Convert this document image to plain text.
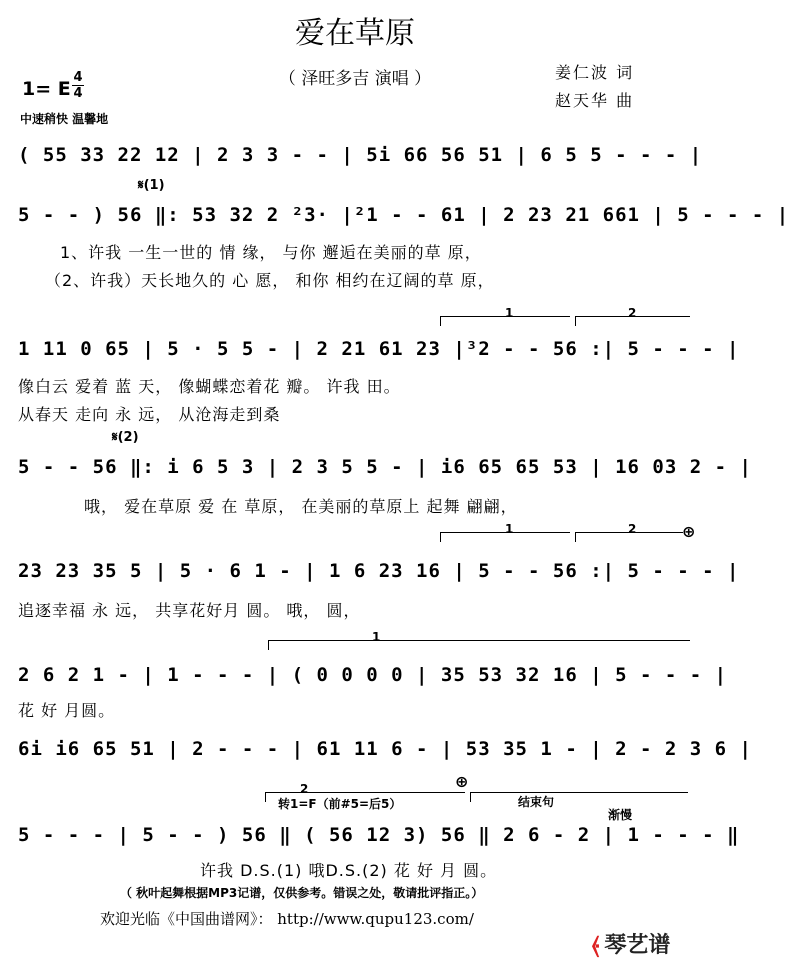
爱在草原
（ 泽旺多吉 演唱 ）	姜仁波 词
赵天华 曲
1= E
4
4
中速稍快 温馨地
( 55 33 22 12 | 2 3 3 - - | 5i 66 56 51 | 6 5 5 - - - |
𝄋(1)
5 - - ) 56 ‖: 53 32 2 ²3· |²1 - - 61 | 2 23 21 661 | 5 - - - |
1、许我 一生一世的 情 缘， 与你 邂逅在美丽的草 原，
（2、许我）天长地久的 心 愿， 和你 相约在辽阔的草 原，
1	2
1 11 0 65 | 5 · 5 5 - | 2 21 61 23 |³2 - - 56 :| 5 - - - |
像白云 爱着 蓝 天， 像蝴蝶恋着花 瓣。 许我 田。
从春天 走向 永 远， 从沧海走到桑
𝄋(2)
5 - - 56 ‖: i 6 5 3 | 2 3 5 5 - | i6 65 65 53 | 16 03 2 - |
哦， 爱在草原 爱 在 草原， 在美丽的草原上 起舞 翩翩，
1	2	⊕
23 23 35 5 | 5 · 6 1 - | 1 6 23 16 | 5 - - 56 :| 5 - - - |
追逐幸福 永 远， 共享花好月 圆。 哦， 圆，
1
2 6 2 1 - | 1 - - - | ( 0 0 0 0 | 35 53 32 16 | 5 - - - |
花 好 月圆。
6i i6 65 51 | 2 - - - | 61 11 6 - | 53 35 1 - | 2 - 2 3 6 |
2
转1=F（前#5=后5）
⊕
结束句
渐慢
5 - - - | 5 - - ) 56 ‖ ( 56 12 3) 56 ‖ 2 6 - 2 | 1 - - - ‖
许我 D.S.(1) 哦D.S.(2) 花 好 月 圆。
（ 秋叶起舞根据MP3记谱，仅供参考。错误之处，敬请批评指正。）
欢迎光临《中国曲谱网》： http://www.qupu123.com/
⦑ 琴艺谱
